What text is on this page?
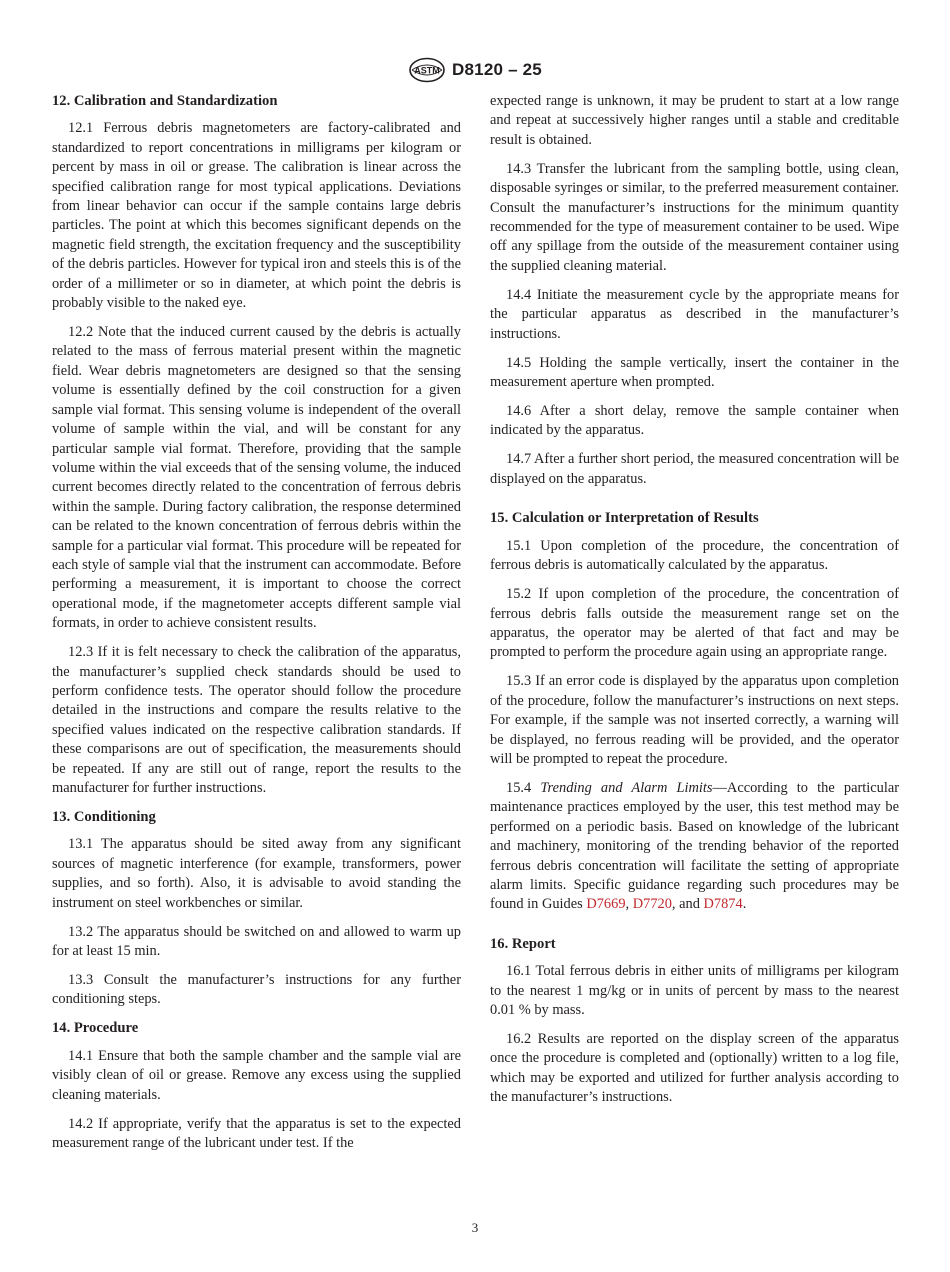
ASTM D8120 – 25
12. Calibration and Standardization

12.1 Ferrous debris magnetometers are factory-calibrated and standardized to report concentrations in milligrams per kilogram or percent by mass in oil or grease. The calibration is linear across the specified calibration range for most typical applications. Deviations from linear behavior can occur if the sample contains large debris particles. The point at which this becomes significant depends on the magnetic field strength, the excitation frequency and the susceptibility of the debris particles. However for typical iron and steels this is of the order of a millimeter or so in diameter, at which point the debris is probably visible to the naked eye.

12.2 Note that the induced current caused by the debris is actually related to the mass of ferrous material present within the magnetic field. Wear debris magnetometers are designed so that the sensing volume is essentially defined by the coil construction for a given sample vial format. This sensing volume is independent of the overall volume of sample within the vial, and will be constant for any particular sample vial format. Therefore, providing that the sample volume within the vial exceeds that of the sensing volume, the induced current becomes directly related to the concentration of ferrous debris within the sample. During factory calibration, the response determined can be related to the known concentration of ferrous debris within the sample for a particular vial format. This procedure will be repeated for each style of sample vial that the instrument can accommodate. Before performing a measurement, it is important to choose the correct operational mode, if the magnetometer accepts different sample vial formats, in order to achieve consistent results.

12.3 If it is felt necessary to check the calibration of the apparatus, the manufacturer’s supplied check standards should be used to perform confidence tests. The operator should follow the procedure detailed in the instructions and compare the results relative to the specified values indicated on the respective calibration standards. If these comparisons are out of specification, the measurements should be repeated. If any are still out of range, report the results to the manufacturer for further instructions.

13. Conditioning

13.1 The apparatus should be sited away from any significant sources of magnetic interference (for example, transformers, power supplies, and so forth). Also, it is advisable to avoid standing the instrument on steel workbenches or similar.

13.2 The apparatus should be switched on and allowed to warm up for at least 15 min.

13.3 Consult the manufacturer’s instructions for any further conditioning steps.

14. Procedure

14.1 Ensure that both the sample chamber and the sample vial are visibly clean of oil or grease. Remove any excess using the supplied cleaning materials.

14.2 If appropriate, verify that the apparatus is set to the expected measurement range of the lubricant under test. If the

expected range is unknown, it may be prudent to start at a low range and repeat at successively higher ranges until a stable and creditable result is obtained.

14.3 Transfer the lubricant from the sampling bottle, using clean, disposable syringes or similar, to the preferred measurement container. Consult the manufacturer’s instructions for the minimum quantity recommended for the type of measurement container to be used. Wipe off any spillage from the outside of the measurement container using the supplied cleaning material.

14.4 Initiate the measurement cycle by the appropriate means for the particular apparatus as described in the manufacturer’s instructions.

14.5 Holding the sample vertically, insert the container in the measurement aperture when prompted.

14.6 After a short delay, remove the sample container when indicated by the apparatus.

14.7 After a further short period, the measured concentration will be displayed on the apparatus.

15. Calculation or Interpretation of Results

15.1 Upon completion of the procedure, the concentration of ferrous debris is automatically calculated by the apparatus.

15.2 If upon completion of the procedure, the concentration of ferrous debris falls outside the measurement range set on the apparatus, the operator may be alerted of that fact and may be prompted to perform the procedure again using an appropriate range.

15.3 If an error code is displayed by the apparatus upon completion of the procedure, follow the manufacturer’s instructions on next steps. For example, if the sample was not inserted correctly, a warning will be displayed, no ferrous reading will be provided, and the operator will be prompted to repeat the procedure.

15.4 Trending and Alarm Limits—According to the particular maintenance practices employed by the user, this test method may be performed on a periodic basis. Based on knowledge of the lubricant and machinery, monitoring of the trending behavior of the reported ferrous debris concentration will facilitate the setting of appropriate alarm limits. Specific guidance regarding such procedures may be found in Guides D7669, D7720, and D7874.

16. Report

16.1 Total ferrous debris in either units of milligrams per kilogram to the nearest 1 mg/kg or in units of percent by mass to the nearest 0.01 % by mass.

16.2 Results are reported on the display screen of the apparatus once the procedure is completed and (optionally) written to a log file, which may be exported and utilized for further analysis according to the manufacturer’s instructions.

3
